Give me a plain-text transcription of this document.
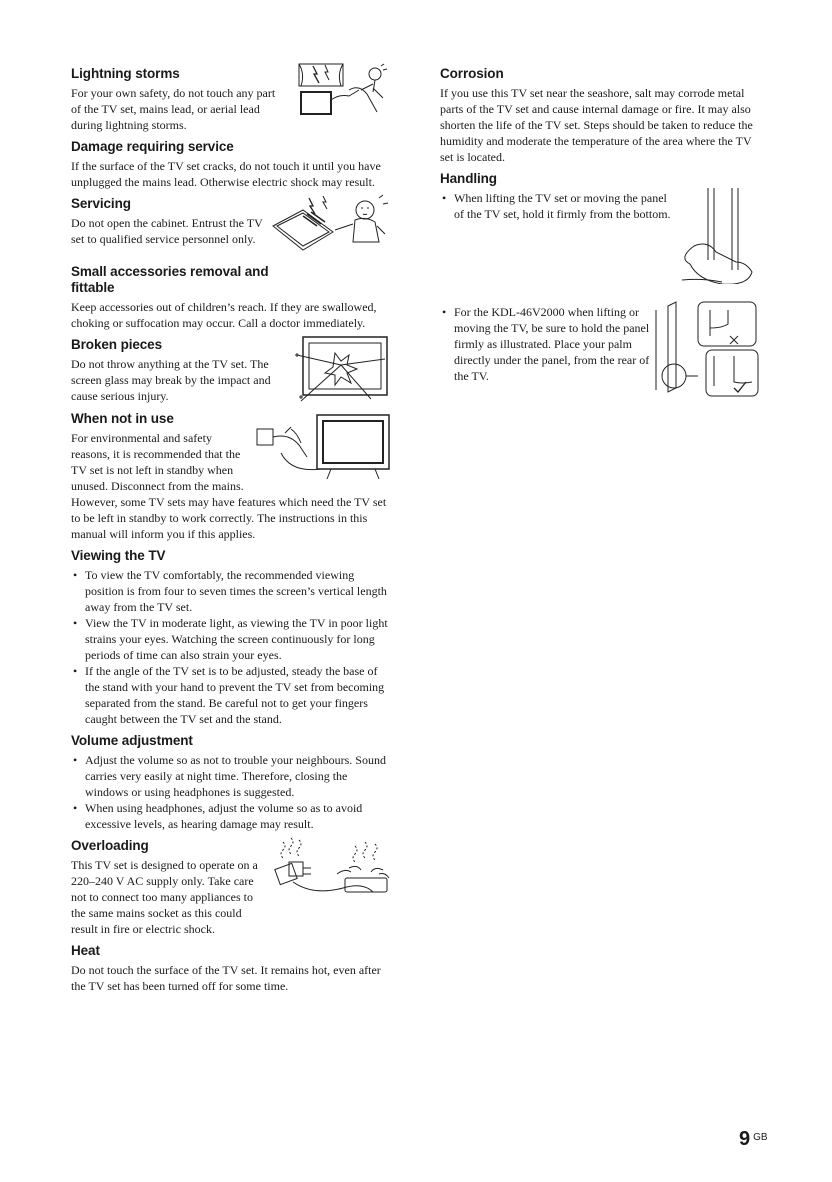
Lightning storms

For your own safety, do not touch any part of the TV set, mains lead, or aerial lead during lightning storms.

Damage requiring service

If the surface of the TV set cracks, do not touch it until you have unplugged the mains lead. Otherwise electric shock may result.

Servicing

Do not open the cabinet. Entrust the TV set to qualified service personnel only.

Small accessories removal and fittable

Keep accessories out of children’s reach. If they are swallowed, choking or suffocation may occur. Call a doctor immediately.

Broken pieces

Do not throw anything at the TV set. The screen glass may break by the impact and cause serious injury.

When not in use

For environmental and safety reasons, it is recommended that the TV set is not left in standby when unused. Disconnect from the mains. However, some TV sets may have features which need the TV set to be left in standby to work correctly. The instructions in this manual will inform you if this applies.

Viewing the TV
• To view the TV comfortably, the recommended viewing position is from four to seven times the screen’s vertical length away from the TV set.
• View the TV in moderate light, as viewing the TV in poor light strains your eyes. Watching the screen continuously for long periods of time can also strain your eyes.
• If the angle of the TV set is to be adjusted, steady the base of the stand with your hand to prevent the TV set from becoming separated from the stand. Be careful not to get your fingers caught between the TV set and the stand.
Volume adjustment
• Adjust the volume so as not to trouble your neighbours. Sound carries very easily at night time. Therefore, closing the windows or using headphones is suggested.
• When using headphones, adjust the volume so as to avoid excessive levels, as hearing damage may result.
Overloading

This TV set is designed to operate on a 220–240 V AC supply only. Take care not to connect too many appliances to the same mains socket as this could result in fire or electric shock.

Heat

Do not touch the surface of the TV set. It remains hot, even after the TV set has been turned off for some time.

Corrosion

If you use this TV set near the seashore, salt may corrode metal parts of the TV set and cause internal damage or fire. It may also shorten the life of the TV set. Steps should be taken to reduce the humidity and moderate the temperature of the area where the TV set is located.

Handling
• When lifting the TV set or moving the panel of the TV set, hold it firmly from the bottom.
• For the KDL-46V2000 when lifting or moving the TV, be sure to hold the panel firmly as illustrated. Place your palm directly under the panel, from the rear of the TV.
9 $^{GB}$
